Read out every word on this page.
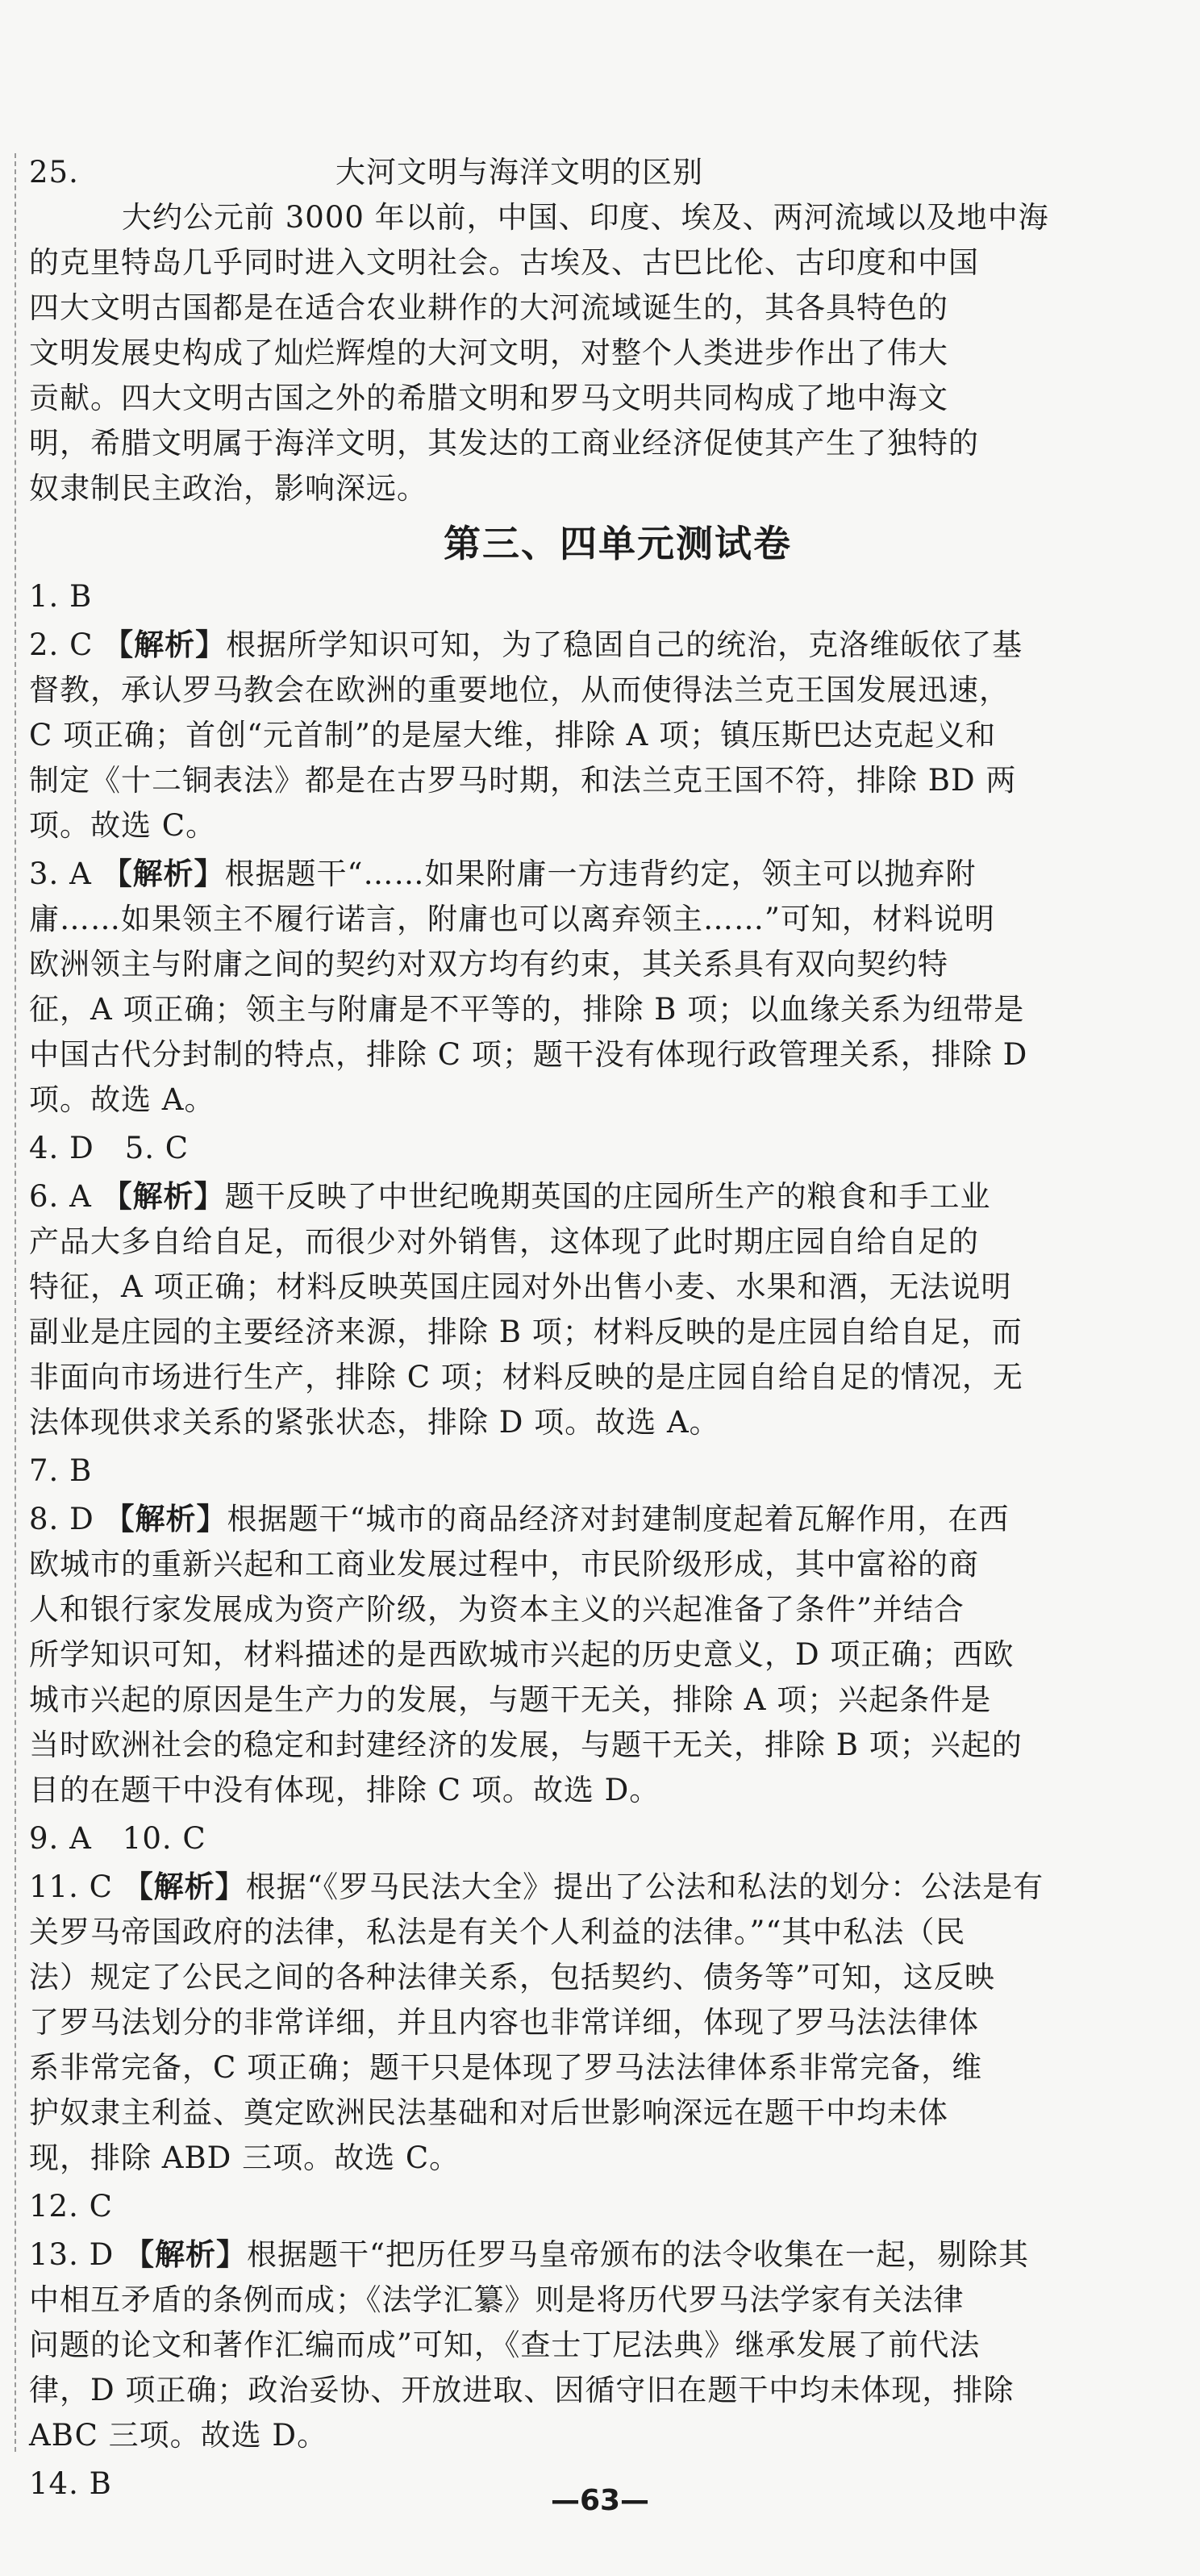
25.	大河文明与海洋文明的区别
大约公元前 3000 年以前，中国、印度、埃及、两河流域以及地中海
的克里特岛几乎同时进入文明社会。古埃及、古巴比伦、古印度和中国
四大文明古国都是在适合农业耕作的大河流域诞生的，其各具特色的
文明发展史构成了灿烂辉煌的大河文明，对整个人类进步作出了伟大
贡献。四大文明古国之外的希腊文明和罗马文明共同构成了地中海文
明，希腊文明属于海洋文明，其发达的工商业经济促使其产生了独特的
奴隶制民主政治，影响深远。
第三、四单元测试卷
1. B
2. C 【解析】根据所学知识可知，为了稳固自己的统治，克洛维皈依了基
督教，承认罗马教会在欧洲的重要地位，从而使得法兰克王国发展迅速，
C 项正确；首创“元首制”的是屋大维，排除 A 项；镇压斯巴达克起义和
制定《十二铜表法》都是在古罗马时期，和法兰克王国不符，排除 BD 两
项。故选 C。
3. A 【解析】根据题干“……如果附庸一方违背约定，领主可以抛弃附
庸……如果领主不履行诺言，附庸也可以离弃领主……”可知，材料说明
欧洲领主与附庸之间的契约对双方均有约束，其关系具有双向契约特
征，A 项正确；领主与附庸是不平等的，排除 B 项；以血缘关系为纽带是
中国古代分封制的特点，排除 C 项；题干没有体现行政管理关系，排除 D
项。故选 A。
4. D　5. C
6. A 【解析】题干反映了中世纪晚期英国的庄园所生产的粮食和手工业
产品大多自给自足，而很少对外销售，这体现了此时期庄园自给自足的
特征，A 项正确；材料反映英国庄园对外出售小麦、水果和酒，无法说明
副业是庄园的主要经济来源，排除 B 项；材料反映的是庄园自给自足，而
非面向市场进行生产，排除 C 项；材料反映的是庄园自给自足的情况，无
法体现供求关系的紧张状态，排除 D 项。故选 A。
7. B
8. D 【解析】根据题干“城市的商品经济对封建制度起着瓦解作用，在西
欧城市的重新兴起和工商业发展过程中，市民阶级形成，其中富裕的商
人和银行家发展成为资产阶级，为资本主义的兴起准备了条件”并结合
所学知识可知，材料描述的是西欧城市兴起的历史意义，D 项正确；西欧
城市兴起的原因是生产力的发展，与题干无关，排除 A 项；兴起条件是
当时欧洲社会的稳定和封建经济的发展，与题干无关，排除 B 项；兴起的
目的在题干中没有体现，排除 C 项。故选 D。
9. A　10. C
11. C 【解析】根据“《罗马民法大全》提出了公法和私法的划分：公法是有
关罗马帝国政府的法律，私法是有关个人利益的法律。”“其中私法（民
法）规定了公民之间的各种法律关系，包括契约、债务等”可知，这反映
了罗马法划分的非常详细，并且内容也非常详细，体现了罗马法法律体
系非常完备，C 项正确；题干只是体现了罗马法法律体系非常完备，维
护奴隶主利益、奠定欧洲民法基础和对后世影响深远在题干中均未体
现，排除 ABD 三项。故选 C。
12. C
13. D 【解析】根据题干“把历任罗马皇帝颁布的法令收集在一起，剔除其
中相互矛盾的条例而成；《法学汇纂》则是将历代罗马法学家有关法律
问题的论文和著作汇编而成”可知，《查士丁尼法典》继承发展了前代法
律，D 项正确；政治妥协、开放进取、因循守旧在题干中均未体现，排除
ABC 三项。故选 D。
14. B	—63—
